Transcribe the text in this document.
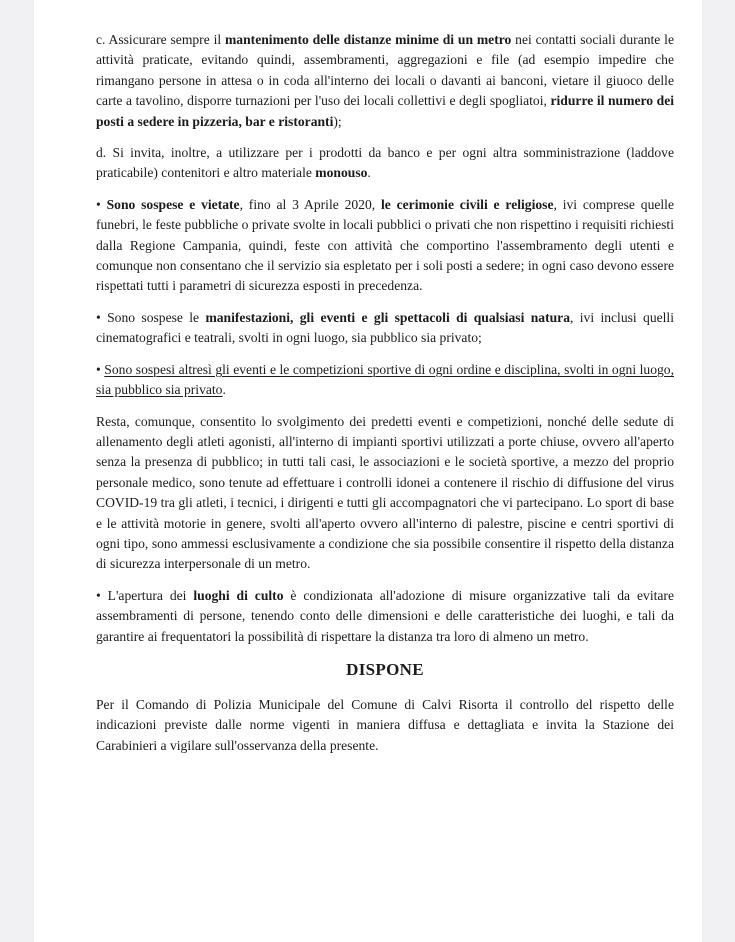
c. Assicurare sempre il mantenimento delle distanze minime di un metro nei contatti sociali durante le attività praticate, evitando quindi, assembramenti, aggregazioni e file (ad esempio impedire che rimangano persone in attesa o in coda all'interno dei locali o davanti ai banconi, vietare il giuoco delle carte a tavolino, disporre turnazioni per l'uso dei locali collettivi e degli spogliatoi, ridurre il numero dei posti a sedere in pizzeria, bar e ristoranti);

d. Si invita, inoltre, a utilizzare per i prodotti da banco e per ogni altra somministrazione (laddove praticabile) contenitori e altro materiale monouso.

• Sono sospese e vietate, fino al 3 Aprile 2020, le cerimonie civili e religiose, ivi comprese quelle funebri, le feste pubbliche o private svolte in locali pubblici o privati che non rispettino i requisiti richiesti dalla Regione Campania, quindi, feste con attività che comportino l'assembramento degli utenti e comunque non consentano che il servizio sia espletato per i soli posti a sedere; in ogni caso devono essere rispettati tutti i parametri di sicurezza esposti in precedenza.

• Sono sospese le manifestazioni, gli eventi e gli spettacoli di qualsiasi natura, ivi inclusi quelli cinematografici e teatrali, svolti in ogni luogo, sia pubblico sia privato;

• Sono sospesi altresì gli eventi e le competizioni sportive di ogni ordine e disciplina, svolti in ogni luogo, sia pubblico sia privato.

Resta, comunque, consentito lo svolgimento dei predetti eventi e competizioni, nonché delle sedute di allenamento degli atleti agonisti, all'interno di impianti sportivi utilizzati a porte chiuse, ovvero all'aperto senza la presenza di pubblico; in tutti tali casi, le associazioni e le società sportive, a mezzo del proprio personale medico, sono tenute ad effettuare i controlli idonei a contenere il rischio di diffusione del virus COVID-19 tra gli atleti, i tecnici, i dirigenti e tutti gli accompagnatori che vi partecipano. Lo sport di base e le attività motorie in genere, svolti all'aperto ovvero all'interno di palestre, piscine e centri sportivi di ogni tipo, sono ammessi esclusivamente a condizione che sia possibile consentire il rispetto della distanza di sicurezza interpersonale di un metro.

• L'apertura dei luoghi di culto è condizionata all'adozione di misure organizzative tali da evitare assembramenti di persone, tenendo conto delle dimensioni e delle caratteristiche dei luoghi, e tali da garantire ai frequentatori la possibilità di rispettare la distanza tra loro di almeno un metro.

DISPONE

Per il Comando di Polizia Municipale del Comune di Calvi Risorta il controllo del rispetto delle indicazioni previste dalle norme vigenti in maniera diffusa e dettagliata e invita la Stazione dei Carabinieri a vigilare sull'osservanza della presente.
